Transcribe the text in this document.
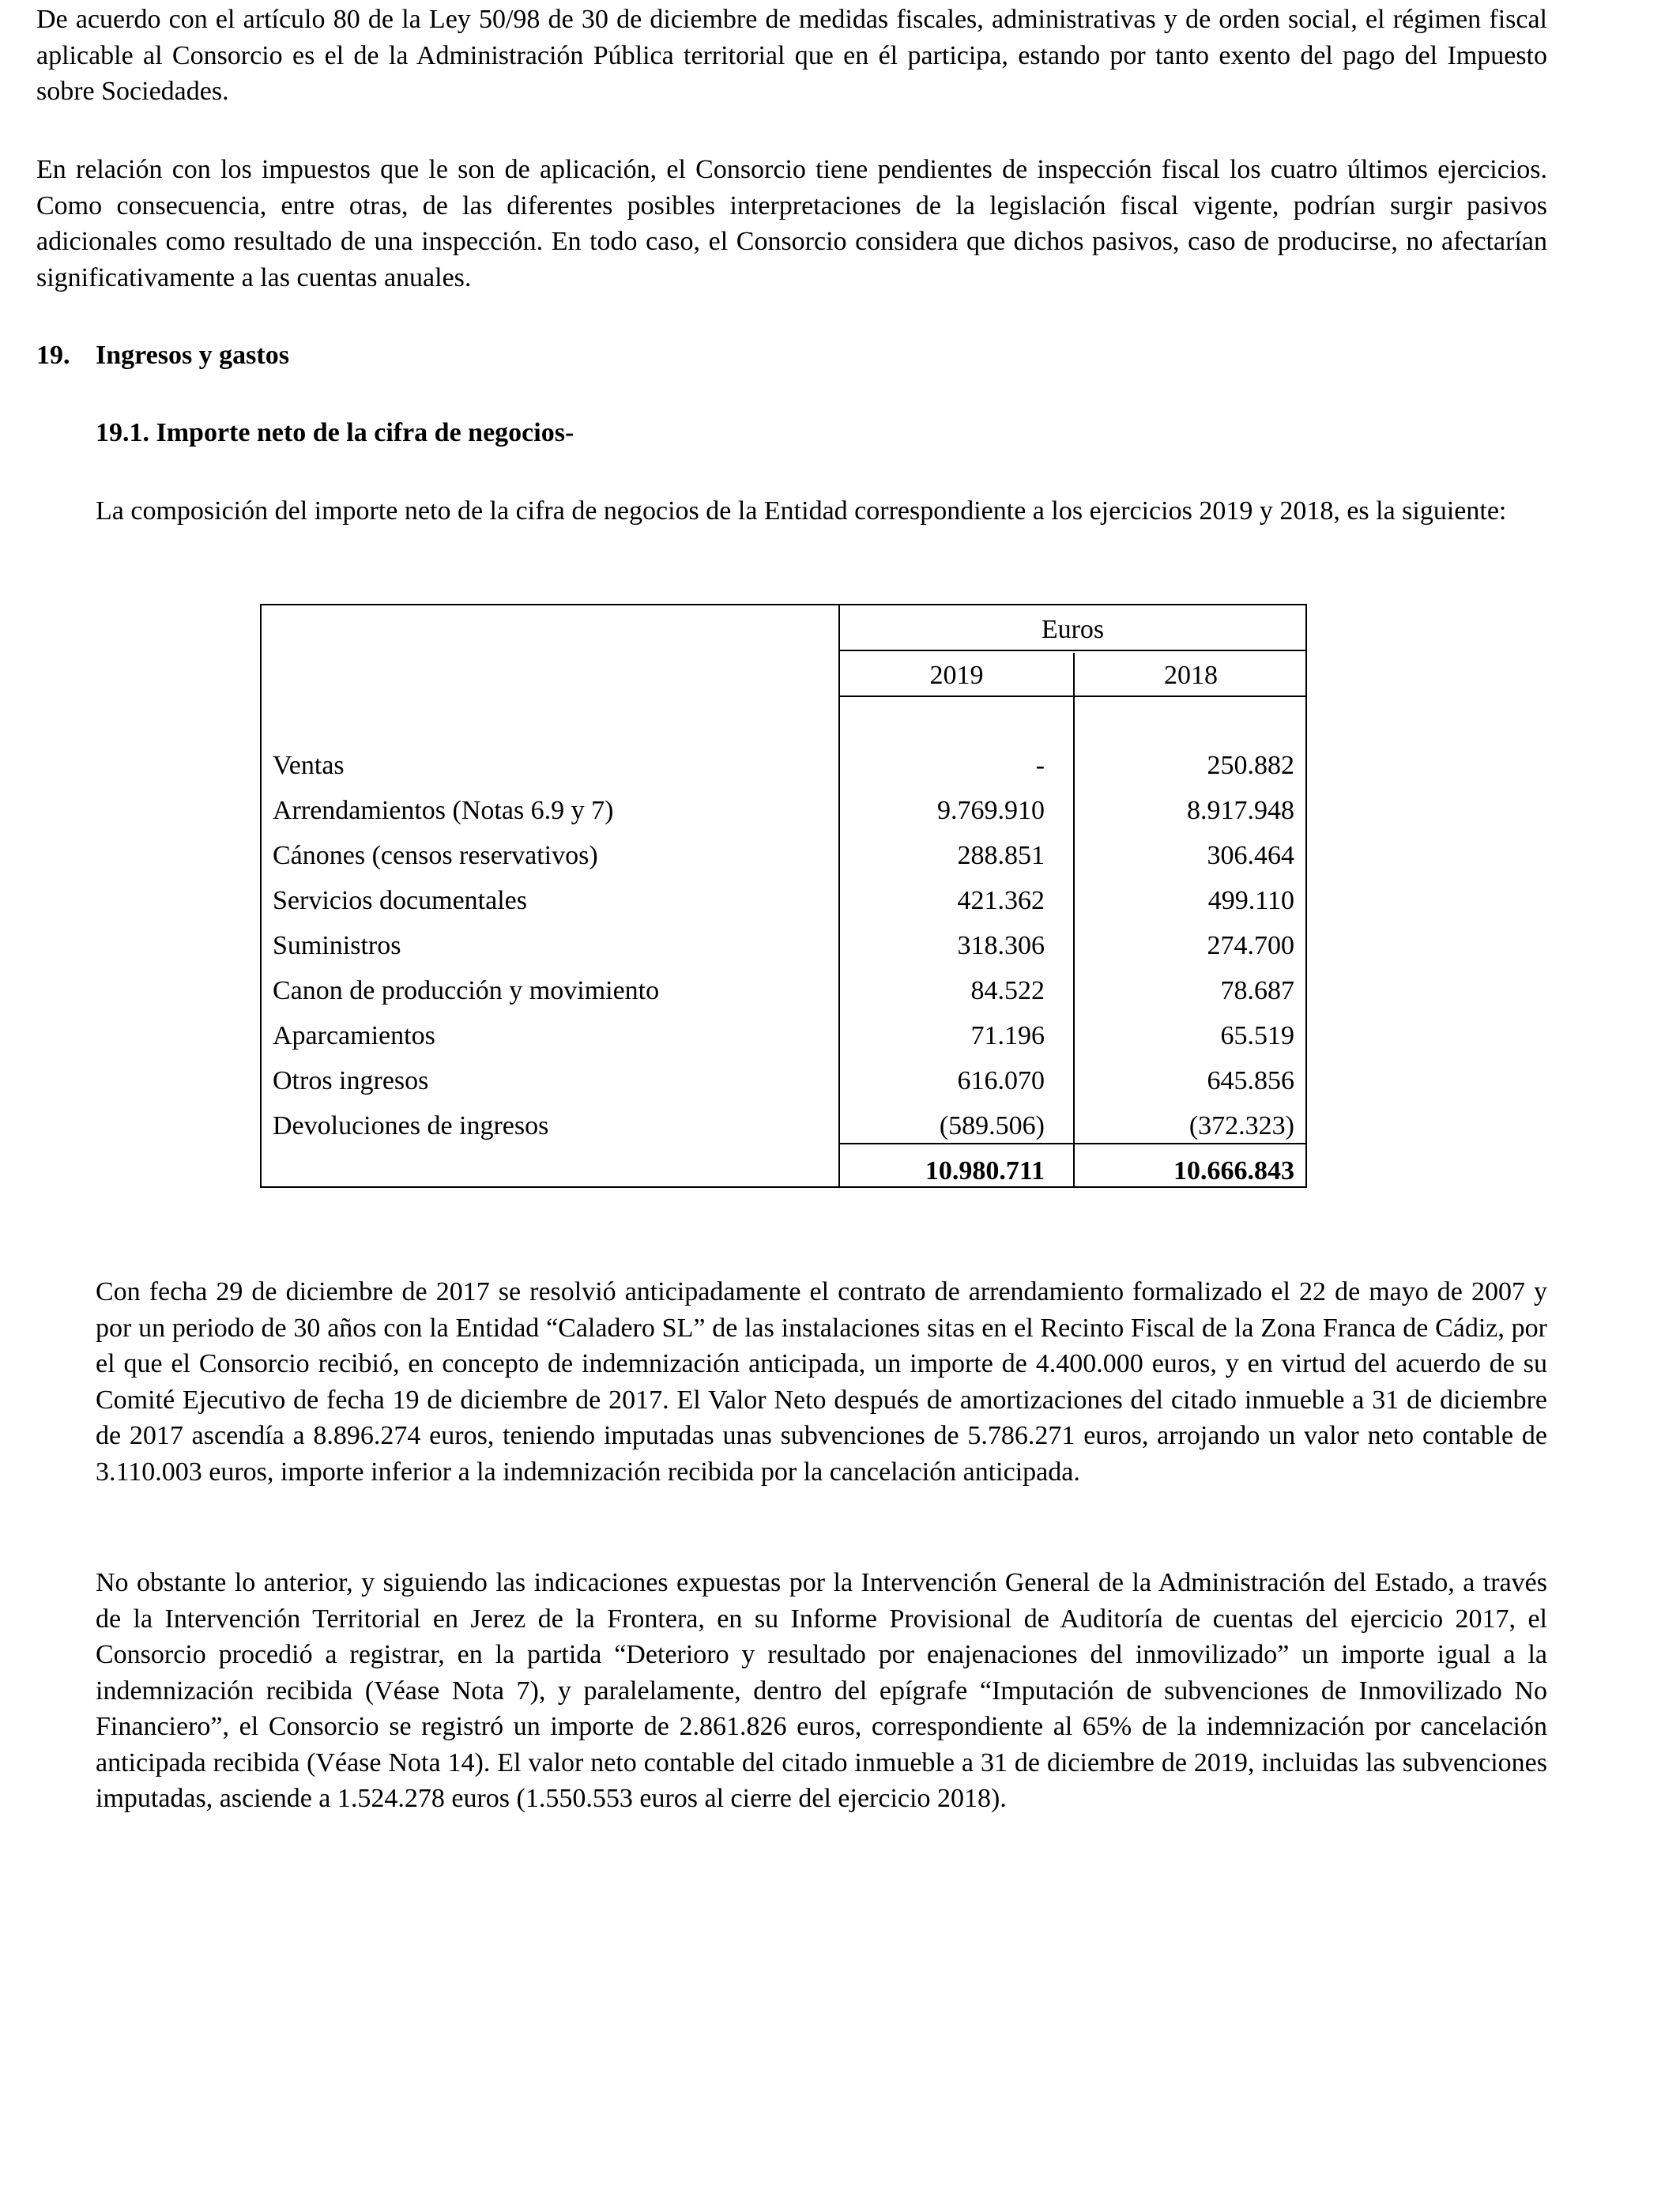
De acuerdo con el artículo 80 de la Ley 50/98 de 30 de diciembre de medidas fiscales, administrativas y de orden social, el régimen fiscal aplicable al Consorcio es el de la Administración Pública territorial que en él participa, estando por tanto exento del pago del Impuesto sobre Sociedades.

En relación con los impuestos que le son de aplicación, el Consorcio tiene pendientes de inspección fiscal los cuatro últimos ejercicios. Como consecuencia, entre otras, de las diferentes posibles interpretaciones de la legislación fiscal vigente, podrían surgir pasivos adicionales como resultado de una inspección. En todo caso, el Consorcio considera que dichos pasivos, caso de producirse, no afectarían significativamente a las cuentas anuales.

19. Ingresos y gastos
19.1. Importe neto de la cifra de negocios-

La composición del importe neto de la cifra de negocios de la Entidad correspondiente a los ejercicios 2019 y 2018, es la siguiente:

Euros
2019	2018
Ventas	-	250.882
Arrendamientos (Notas 6.9 y 7)	9.769.910	8.917.948
Cánones (censos reservativos)	288.851	306.464
Servicios documentales	421.362	499.110
Suministros	318.306	274.700
Canon de producción y movimiento	84.522	78.687
Aparcamientos	71.196	65.519
Otros ingresos	616.070	645.856
Devoluciones de ingresos	(589.506)	(372.323)
10.980.711	10.666.843

Con fecha 29 de diciembre de 2017 se resolvió anticipadamente el contrato de arrendamiento formalizado el 22 de mayo de 2007 y por un periodo de 30 años con la Entidad “Caladero SL” de las instalaciones sitas en el Recinto Fiscal de la Zona Franca de Cádiz, por el que el Consorcio recibió, en concepto de indemnización anticipada, un importe de 4.400.000 euros, y en virtud del acuerdo de su Comité Ejecutivo de fecha 19 de diciembre de 2017. El Valor Neto después de amortizaciones del citado inmueble a 31 de diciembre de 2017 ascendía a 8.896.274 euros, teniendo imputadas unas subvenciones de 5.786.271 euros, arrojando un valor neto contable de 3.110.003 euros, importe inferior a la indemnización recibida por la cancelación anticipada.

No obstante lo anterior, y siguiendo las indicaciones expuestas por la Intervención General de la Administración del Estado, a través de la Intervención Territorial en Jerez de la Frontera, en su Informe Provisional de Auditoría de cuentas del ejercicio 2017, el Consorcio procedió a registrar, en la partida “Deterioro y resultado por enajenaciones del inmovilizado” un importe igual a la indemnización recibida (Véase Nota 7), y paralelamente, dentro del epígrafe “Imputación de subvenciones de Inmovilizado No Financiero”, el Consorcio se registró un importe de 2.861.826 euros, correspondiente al 65% de la indemnización por cancelación anticipada recibida (Véase Nota 14). El valor neto contable del citado inmueble a 31 de diciembre de 2019, incluidas las subvenciones imputadas, asciende a 1.524.278 euros (1.550.553 euros al cierre del ejercicio 2018).
